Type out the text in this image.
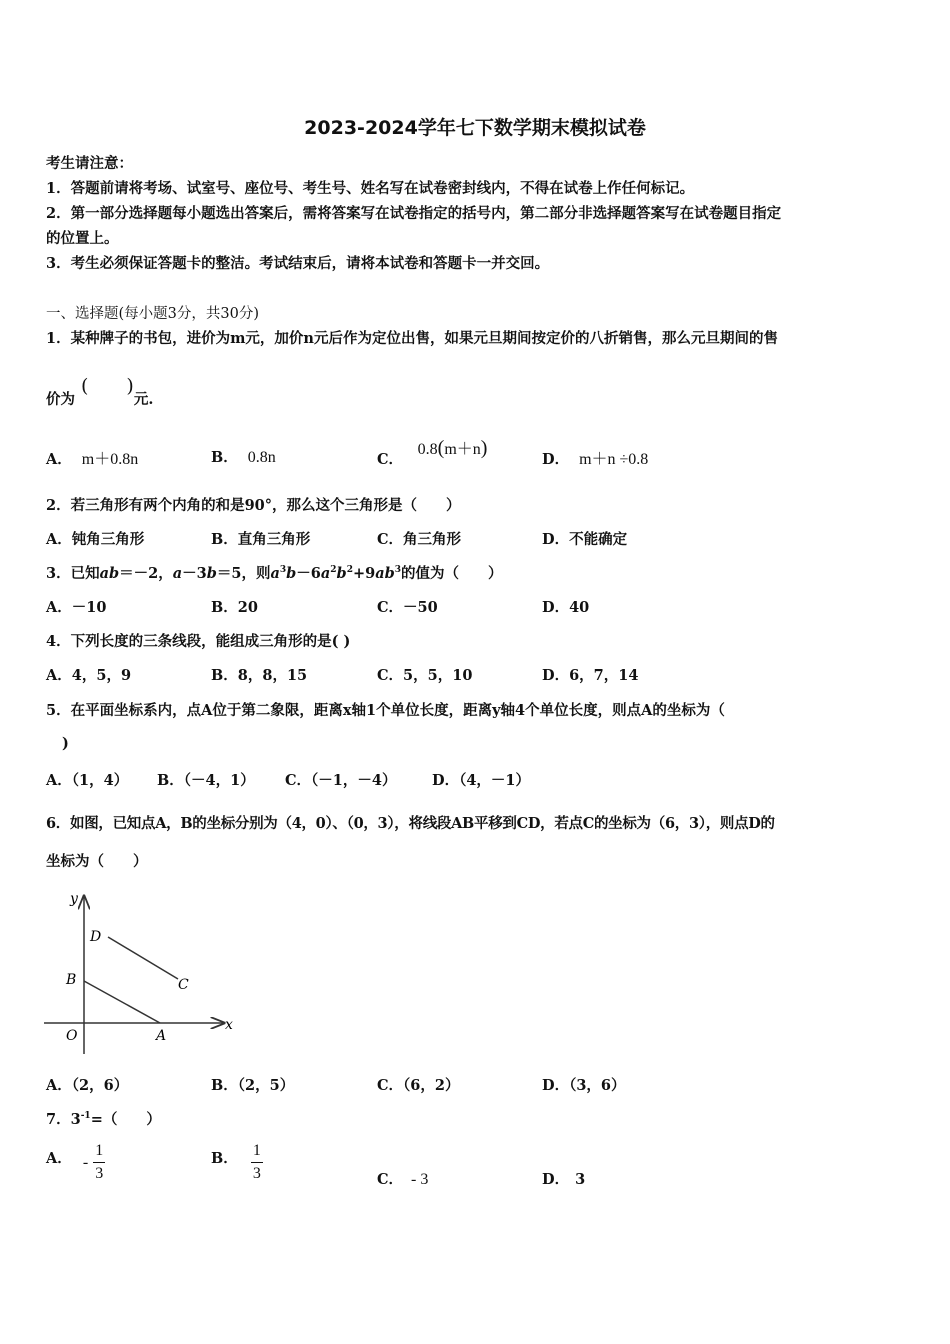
2023-2024学年七下数学期末模拟试卷
考生请注意：
1．答题前请将考场、试室号、座位号、考生号、姓名写在试卷密封线内，不得在试卷上作任何标记。
2．第一部分选择题每小题选出答案后，需将答案写在试卷指定的括号内，第二部分非选择题答案写在试卷题目指定
的位置上。
3．考生必须保证答题卡的整洁。考试结束后，请将本试卷和答题卡一并交回。
一、选择题(每小题3分，共30分)
1．某种牌子的书包，进价为m元，加价n元后作为定位出售，如果元旦期间按定价的八折销售，那么元旦期间的售
价为( )元.
A． m＋0.8n	B． 0.8n	C． 0.8(m＋n)
D． m＋n ÷0.8
2．若三角形有两个内角的和是90°，那么这个三角形是（　　）
A．钝角三角形	B．直角三角形	C．角三角形	D．不能确定
3．已知ab＝－2，a－3b＝5，则$a^3b-6a^2b^2+9ab^3$的值为（　　）
A．－10	B．20	C．－50	D．40
4．下列长度的三条线段，能组成三角形的是( )
A．4，5，9	B．8，8，15	C．5，5，10	D．6，7，14
5．在平面坐标系内，点A位于第二象限，距离x轴1个单位长度，距离y轴4个单位长度，则点A的坐标为（
)
A．（1，4） B．（－4，1） C．（－1，－4） D．（4，－1）
6．如图，已知点A，B的坐标分别为（4，0）、（0，3），将线段AB平移到CD，若点C的坐标为（6，3），则点D的
坐标为（　　）
y
x
O	A
B	C
D
A．（2，6）	B．（2，5）	C．（6，2）	D．（3，6）
7．$3^{-1}=$（　　）
A． - $\frac{1}{3}$	B． $\frac{1}{3}$	C． - 3	D． 3
